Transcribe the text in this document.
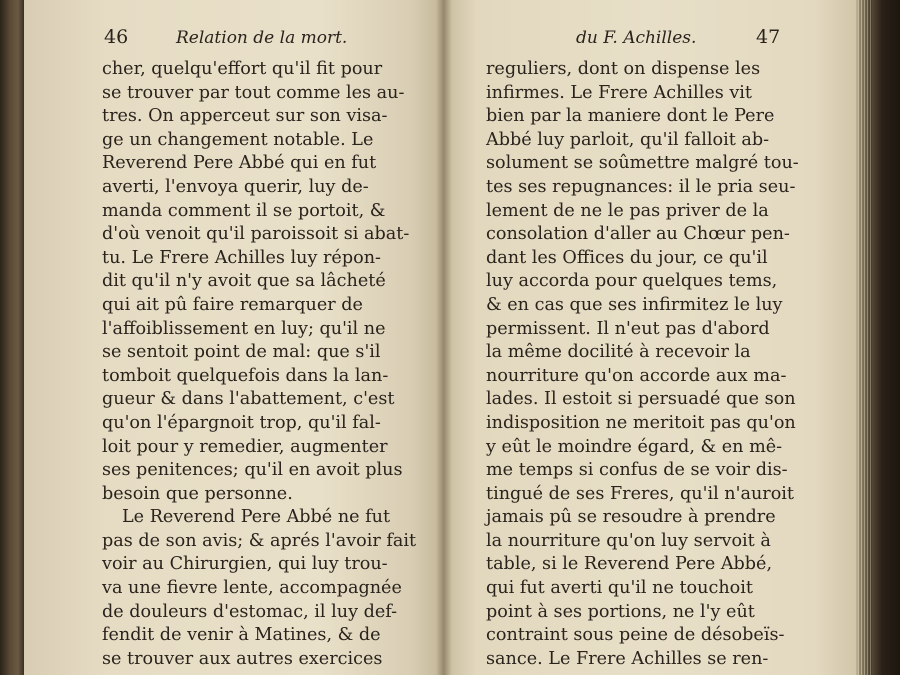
46	Relation de la mort.
cher, quelqu'effort qu'il fit pour
se trouver par tout comme les au-
tres. On apperceut sur son visa-
ge un changement notable. Le
Reverend Pere Abbé qui en fut
averti, l'envoya querir, luy de-
manda comment il se portoit, &
d'où venoit qu'il paroissoit si abat-
tu. Le Frere Achilles luy répon-
dit qu'il n'y avoit que sa lâcheté
qui ait pû faire remarquer de
l'affoiblissement en luy; qu'il ne
se sentoit point de mal: que s'il
tomboit quelquefois dans la lan-
gueur & dans l'abattement, c'est
qu'on l'épargnoit trop, qu'il fal-
loit pour y remedier, augmenter
ses penitences; qu'il en avoit plus
besoin que personne.
Le Reverend Pere Abbé ne fut
pas de son avis; & aprés l'avoir fait
voir au Chirurgien, qui luy trou-
va une fievre lente, accompagnée
de douleurs d'estomac, il luy def-
fendit de venir à Matines, & de
se trouver aux autres exercices
du F. Achilles.	47
reguliers, dont on dispense les
infirmes. Le Frere Achilles vit
bien par la maniere dont le Pere
Abbé luy parloit, qu'il falloit ab-
solument se soûmettre malgré tou-
tes ses repugnances: il le pria seu-
lement de ne le pas priver de la
consolation d'aller au Chœur pen-
dant les Offices du jour, ce qu'il
luy accorda pour quelques tems,
& en cas que ses infirmitez le luy
permissent. Il n'eut pas d'abord
la même docilité à recevoir la
nourriture qu'on accorde aux ma-
lades. Il estoit si persuadé que son
indisposition ne meritoit pas qu'on
y eût le moindre égard, & en mê-
me temps si confus de se voir dis-
tingué de ses Freres, qu'il n'auroit
jamais pû se resoudre à prendre
la nourriture qu'on luy servoit à
table, si le Reverend Pere Abbé,
qui fut averti qu'il ne touchoit
point à ses portions, ne l'y eût
contraint sous peine de désobeïs-
sance. Le Frere Achilles se ren-
